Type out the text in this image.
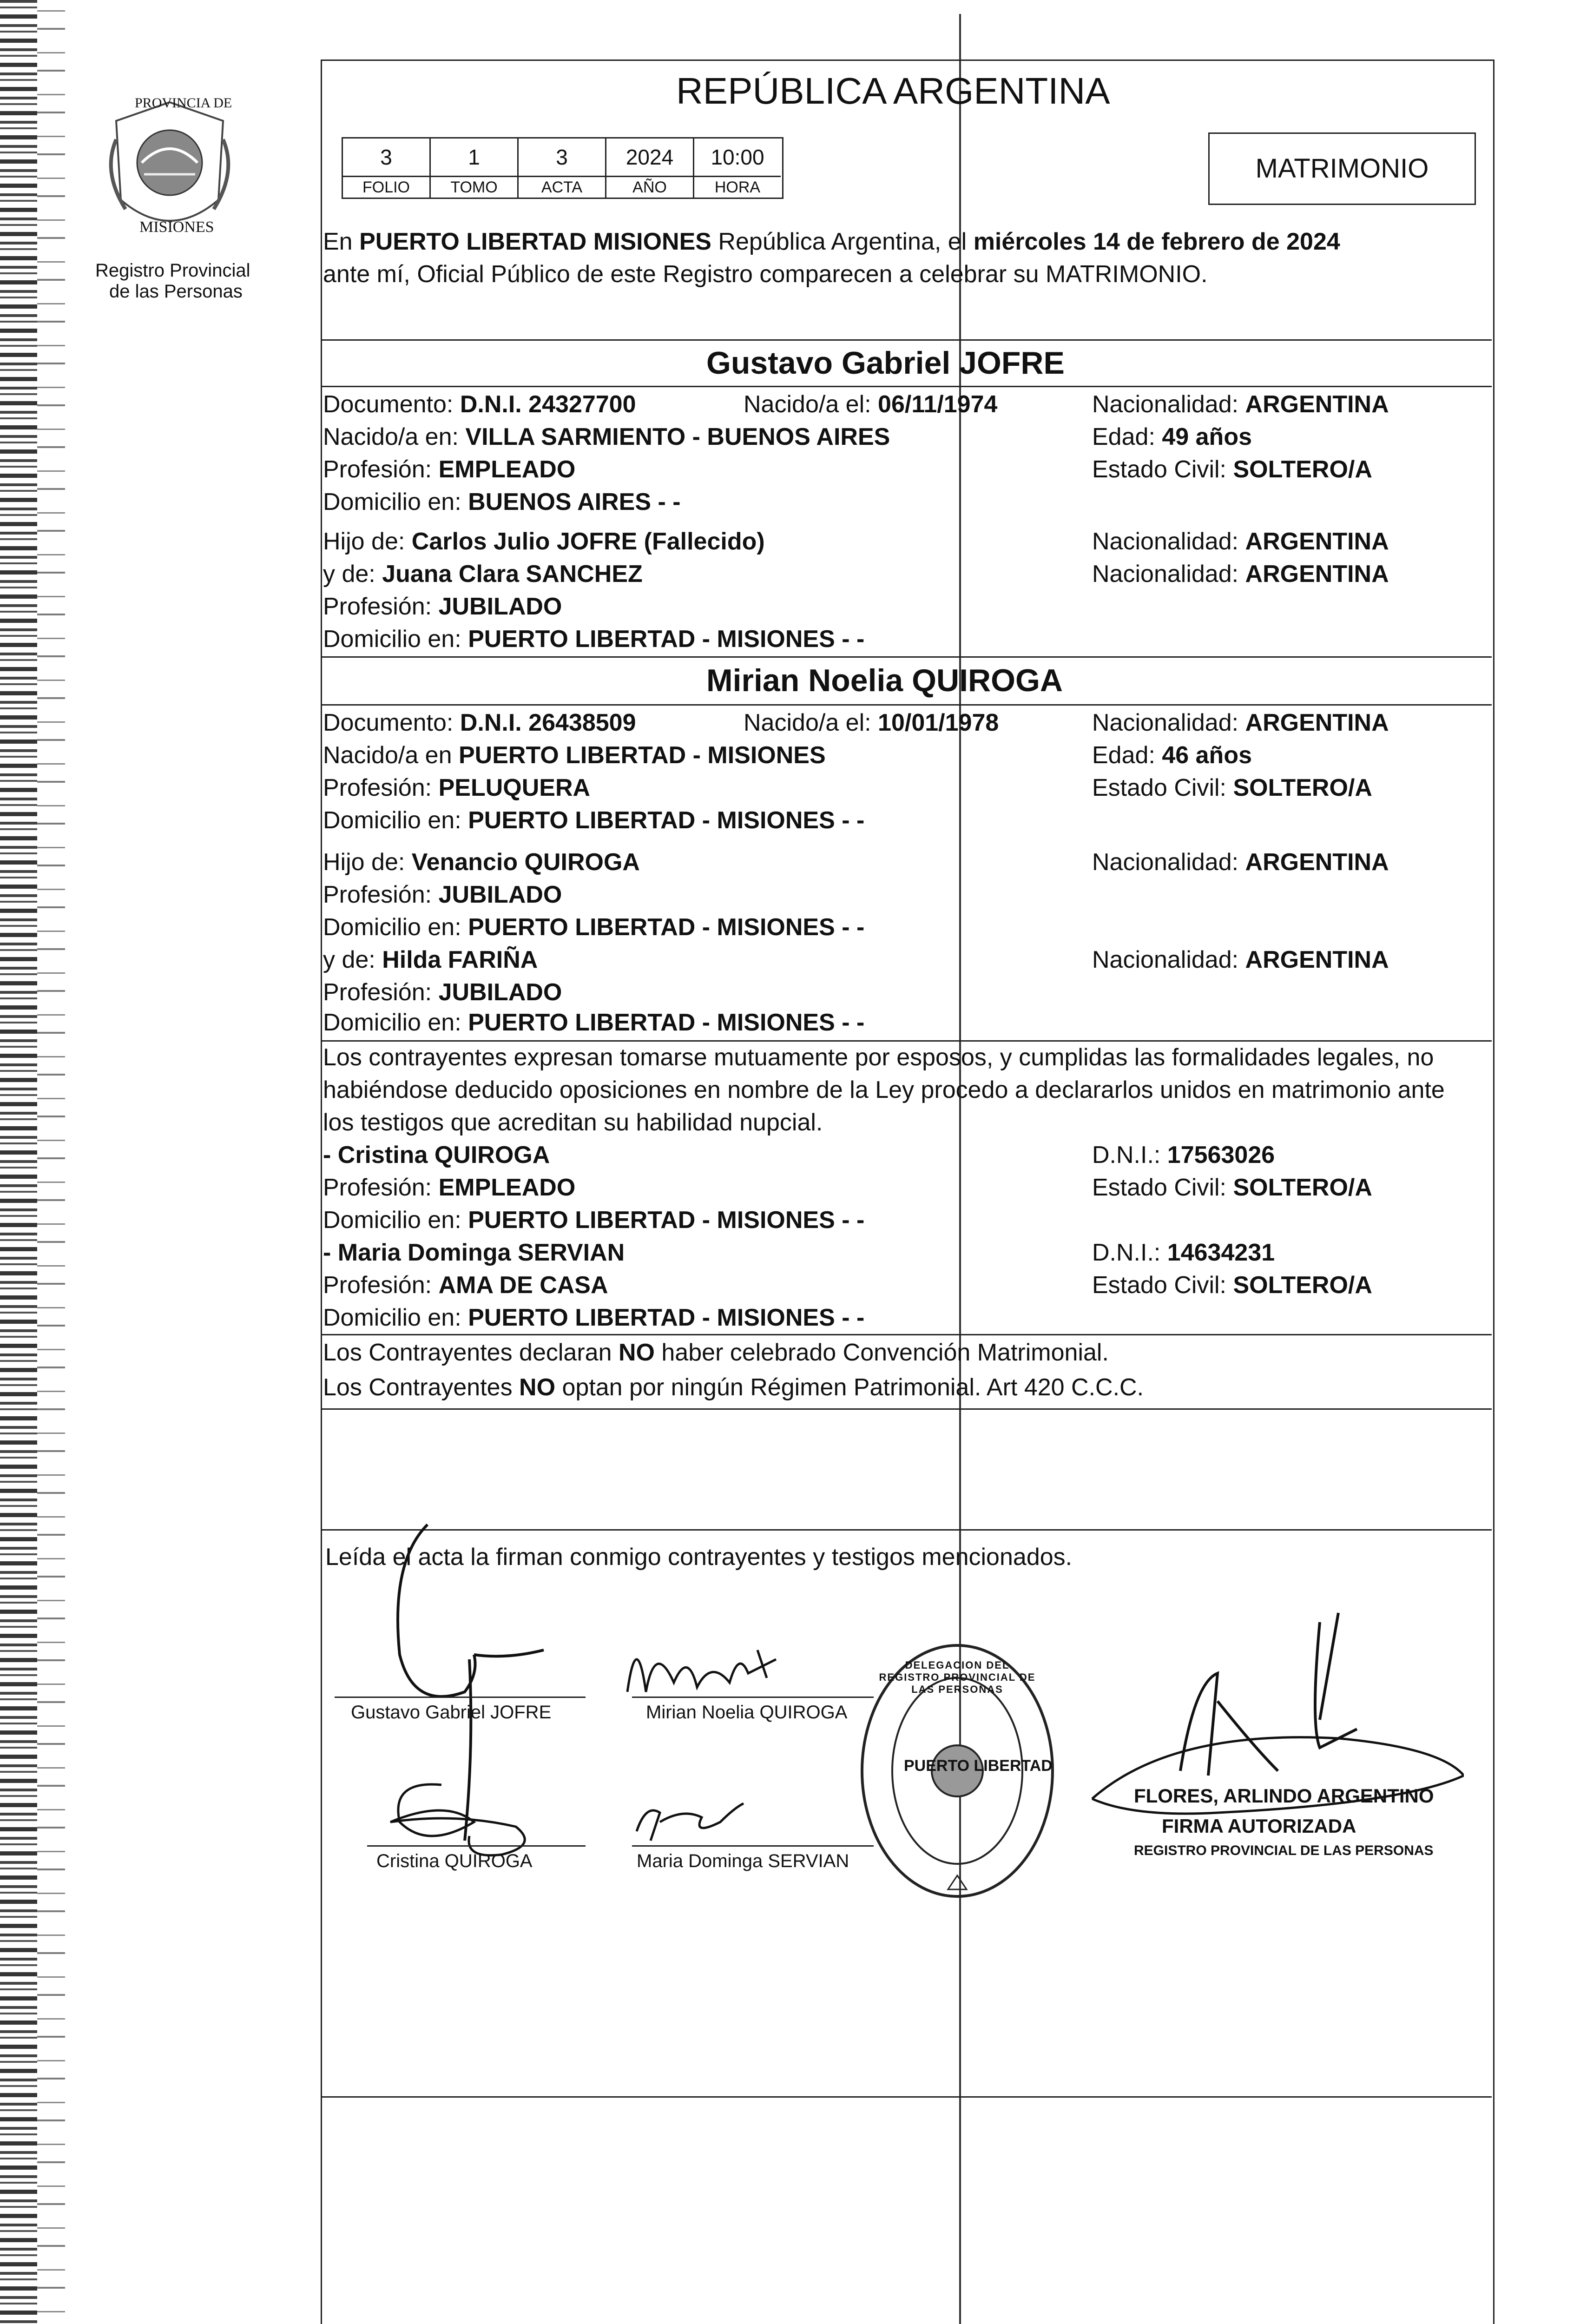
PROVINCIA DE
MISIONES
Registro Provincial
de las Personas
REPÚBLICA ARGENTINA
3	1	3	2024	10:00
FOLIO	TOMO	ACTA	AÑO	HORA
MATRIMONIO
En PUERTO LIBERTAD MISIONES República Argentina, el miércoles 14 de febrero de 2024
ante mí, Oficial Público de este Registro comparecen a celebrar su MATRIMONIO.
Gustavo Gabriel JOFRE
Documento: D.N.I. 24327700	Nacido/a el: 06/11/1974	Nacionalidad: ARGENTINA
Nacido/a en: VILLA SARMIENTO - BUENOS AIRES	Edad: 49 años
Profesión: EMPLEADO	Estado Civil: SOLTERO/A
Domicilio en: BUENOS AIRES - -
Hijo de: Carlos Julio JOFRE (Fallecido)	Nacionalidad: ARGENTINA
y de: Juana Clara SANCHEZ	Nacionalidad: ARGENTINA
Profesión: JUBILADO
Domicilio en: PUERTO LIBERTAD - MISIONES - -
Mirian Noelia QUIROGA
Documento: D.N.I. 26438509	Nacido/a el: 10/01/1978	Nacionalidad: ARGENTINA
Nacido/a en PUERTO LIBERTAD - MISIONES	Edad: 46 años
Profesión: PELUQUERA	Estado Civil: SOLTERO/A
Domicilio en: PUERTO LIBERTAD - MISIONES - -
Hijo de: Venancio QUIROGA	Nacionalidad: ARGENTINA
Profesión: JUBILADO
Domicilio en: PUERTO LIBERTAD - MISIONES - -
y de: Hilda FARIÑA	Nacionalidad: ARGENTINA
Profesión: JUBILADO
Domicilio en: PUERTO LIBERTAD - MISIONES - -
Los contrayentes expresan tomarse mutuamente por esposos, y cumplidas las formalidades legales, no
habiéndose deducido oposiciones en nombre de la Ley procedo a declararlos unidos en matrimonio ante
los testigos que acreditan su habilidad nupcial.
- Cristina QUIROGA	D.N.I.: 17563026
Profesión: EMPLEADO	Estado Civil: SOLTERO/A
Domicilio en: PUERTO LIBERTAD - MISIONES - -
- Maria Dominga SERVIAN	D.N.I.: 14634231
Profesión: AMA DE CASA	Estado Civil: SOLTERO/A
Domicilio en: PUERTO LIBERTAD - MISIONES - -
Los Contrayentes declaran NO haber celebrado Convención Matrimonial.
Los Contrayentes NO optan por ningún Régimen Patrimonial. Art 420 C.C.C.
Leída el acta la firman conmigo contrayentes y testigos mencionados.
Gustavo Gabriel JOFRE	Mirian Noelia QUIROGA
Cristina QUIROGA	Maria Dominga SERVIAN
DELEGACION DEL REGISTRO PROVINCIAL DE LAS PERSONAS
PUERTO LIBERTAD
FLORES, ARLINDO ARGENTINO
FIRMA AUTORIZADA
REGISTRO PROVINCIAL DE LAS PERSONAS
